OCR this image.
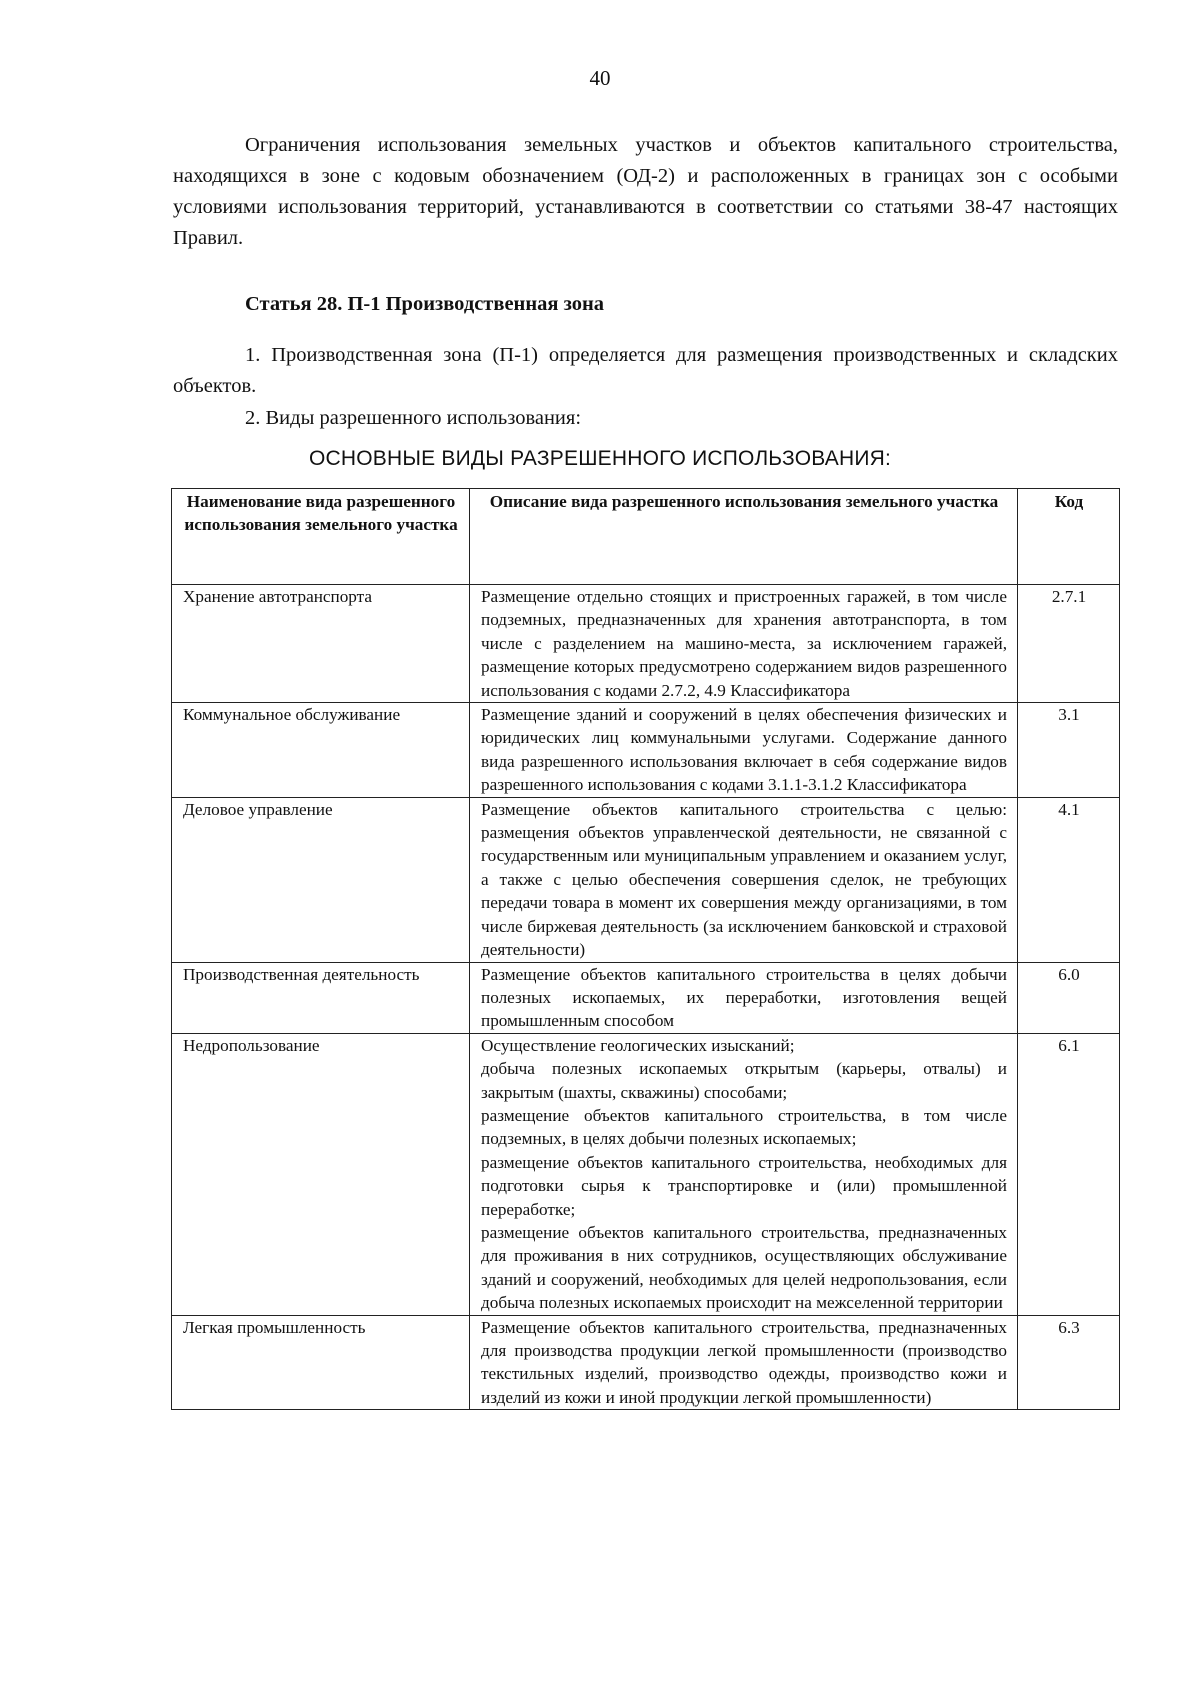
40

Ограничения использования земельных участков и объектов капитального строительства, находящихся в зоне с кодовым обозначением (ОД-2) и расположенных в границах зон с особыми условиями использования территорий, устанавливаются в соответствии со статьями 38-47 настоящих Правил.

Статья 28. П-1 Производственная зона

1. Производственная зона (П-1) определяется для размещения производственных и складских объектов.

2. Виды разрешенного использования:

ОСНОВНЫЕ ВИДЫ РАЗРЕШЕННОГО ИСПОЛЬЗОВАНИЯ:
Наименование вида разрешенного использования земельного участка	Описание вида разрешенного использования земельного участка	Код
Хранение автотранспорта	Размещение отдельно стоящих и пристроенных гаражей, в том числе подземных, предназначенных для хранения автотранспорта, в том числе с разделением на машино-места, за исключением гаражей, размещение которых предусмотрено содержанием видов разрешенного использования с кодами 2.7.2, 4.9 Классификатора	2.7.1
Коммунальное обслуживание	Размещение зданий и сооружений в целях обеспечения физических и юридических лиц коммунальными услугами. Содержание данного вида разрешенного использования включает в себя содержание видов разрешенного использования с кодами 3.1.1-3.1.2 Классификатора	3.1
Деловое управление	Размещение объектов капитального строительства с целью: размещения объектов управленческой деятельности, не связанной с государственным или муниципальным управлением и оказанием услуг, а также с целью обеспечения совершения сделок, не требующих передачи товара в момент их совершения между организациями, в том числе биржевая деятельность (за исключением банковской и страховой деятельности)	4.1
Производственная деятельность	Размещение объектов капитального строительства в целях добычи полезных ископаемых, их переработки, изготовления вещей промышленным способом	6.0
Недропользование	Осуществление геологических изысканий;
добыча полезных ископаемых открытым (карьеры, отвалы) и закрытым (шахты, скважины) способами;
размещение объектов капитального строительства, в том числе подземных, в целях добычи полезных ископаемых;
размещение объектов капитального строительства, необходимых для подготовки сырья к транспортировке и (или) промышленной переработке;
размещение объектов капитального строительства, предназначенных для проживания в них сотрудников, осуществляющих обслуживание зданий и сооружений, необходимых для целей недропользования, если добыча полезных ископаемых происходит на межселенной территории	6.1
Легкая промышленность	Размещение объектов капитального строительства, предназначенных для производства продукции легкой промышленности (производство текстильных изделий, производство одежды, производство кожи и изделий из кожи и иной продукции легкой промышленности)	6.3
